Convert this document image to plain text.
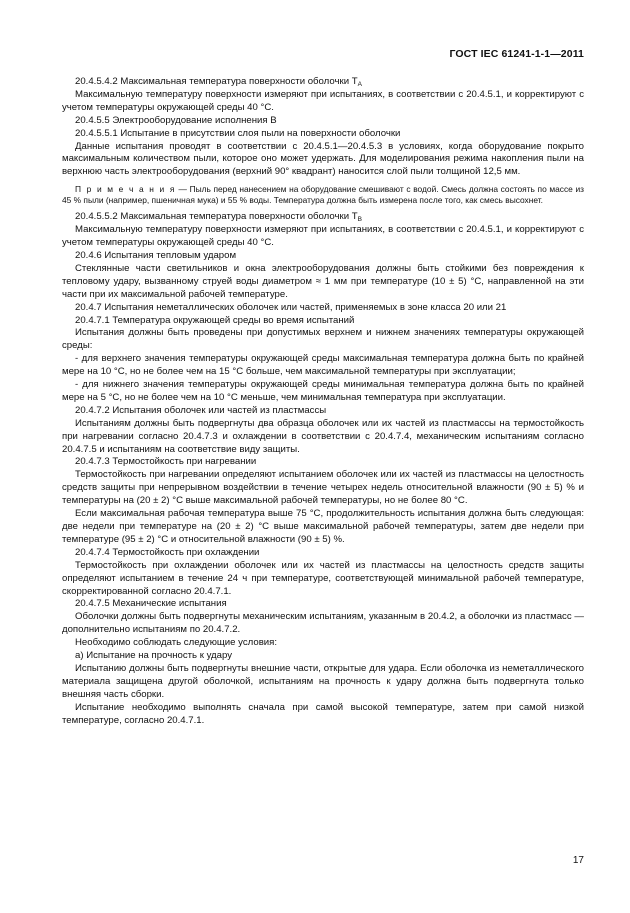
ГОСТ IEC 61241-1-1—2011

20.4.5.4.2 Максимальная температура поверхности оболочки $T_A$

Максимальную температуру поверхности измеряют при испытаниях, в соответствии с 20.4.5.1, и корректируют с учетом температуры окружающей среды 40 °С.

20.4.5.5 Электрооборудование исполнения В

20.4.5.5.1 Испытание в присутствии слоя пыли на поверхности оболочки

Данные испытания проводят в соответствии с 20.4.5.1—20.4.5.3 в условиях, когда оборудование покрыто максимальным количеством пыли, которое оно может удержать. Для моделирования режима накопления пыли на верхнюю часть электрооборудования (верхний 90° квадрант) наносится слой пыли толщиной 12,5 мм.

П р и м е ч а н и я — Пыль перед нанесением на оборудование смешивают с водой. Смесь должна состоять по массе из 45 % пыли (например, пшеничная мука) и 55 % воды. Температура должна быть измерена после того, как смесь высохнет.

20.4.5.5.2 Максимальная температура поверхности оболочки $T_B$

Максимальную температуру поверхности измеряют при испытаниях, в соответствии с 20.4.5.1, и корректируют с учетом температуры окружающей среды 40 °С.

20.4.6 Испытания тепловым ударом

Стеклянные части светильников и окна электрооборудования должны быть стойкими без повреждения к тепловому удару, вызванному струей воды диаметром ≈ 1 мм при температуре (10 ± 5) °С, направленной на эти части при их максимальной рабочей температуре.

20.4.7 Испытания неметаллических оболочек или частей, применяемых в зоне класса 20 или 21

20.4.7.1 Температура окружающей среды во время испытаний

Испытания должны быть проведены при допустимых верхнем и нижнем значениях температуры окружающей среды:

- для верхнего значения температуры окружающей среды максимальная температура должна быть по крайней мере на 10 °С, но не более чем на 15 °С больше, чем максимальной температуры при эксплуатации;

- для нижнего значения температуры окружающей среды минимальная температура должна быть по крайней мере на 5 °С, но не более чем на 10 °С меньше, чем минимальная температура при эксплуатации.

20.4.7.2 Испытания оболочек или частей из пластмассы

Испытаниям должны быть подвергнуты два образца оболочек или их частей из пластмассы на термостойкость при нагревании согласно 20.4.7.3 и охлаждении в соответствии с 20.4.7.4, механическим испытаниям согласно 20.4.7.5 и испытаниям на соответствие виду защиты.

20.4.7.3 Термостойкость при нагревании

Термостойкость при нагревании определяют испытанием оболочек или их частей из пластмассы на целостность средств защиты при непрерывном воздействии в течение четырех недель относительной влажности (90 ± 5) % и температуры на (20 ± 2) °С выше максимальной рабочей температуры, но не более 80 °С.

Если максимальная рабочая температура выше 75 °С, продолжительность испытания должна быть следующая: две недели при температуре на (20 ± 2) °С выше максимальной рабочей температуры, затем две недели при температуре (95 ± 2) °С и относительной влажности (90 ± 5) %.

20.4.7.4 Термостойкость при охлаждении

Термостойкость при охлаждении оболочек или их частей из пластмассы на целостность средств защиты определяют испытанием в течение 24 ч при температуре, соответствующей минимальной рабочей температуре, скорректированной согласно 20.4.7.1.

20.4.7.5 Механические испытания

Оболочки должны быть подвергнуты механическим испытаниям, указанным в 20.4.2, а оболочки из пластмасс — дополнительно испытаниям по 20.4.7.2.

Необходимо соблюдать следующие условия:

а) Испытание на прочность к удару

Испытанию должны быть подвергнуты внешние части, открытые для удара. Если оболочка из неметаллического материала защищена другой оболочкой, испытаниям на прочность к удару должна быть подвергнута только внешняя часть сборки.

Испытание необходимо выполнять сначала при самой высокой температуре, затем при самой низкой температуре, согласно 20.4.7.1.

17
